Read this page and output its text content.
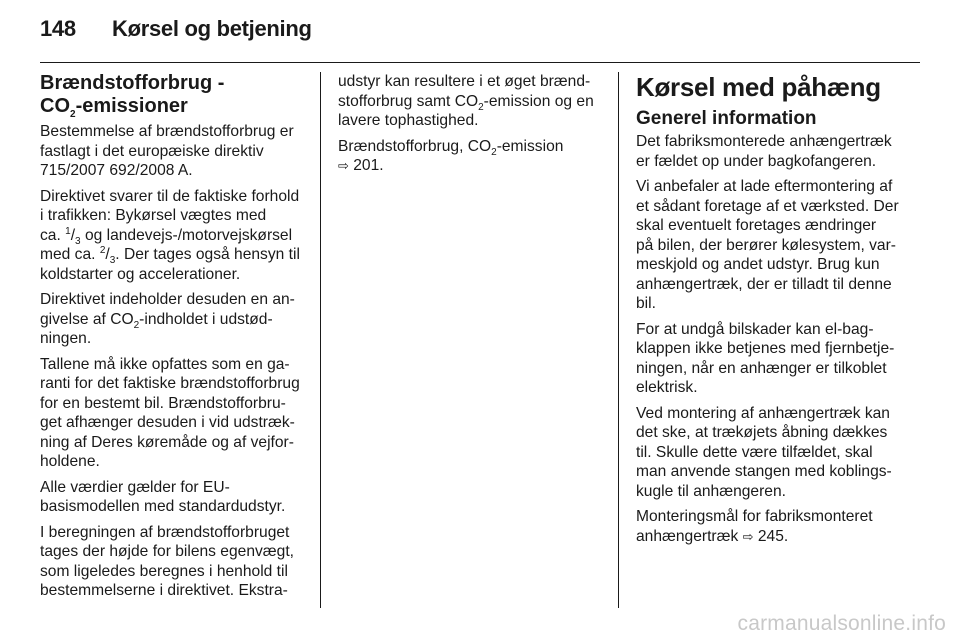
148	Kørsel og betjening
Brændstofforbrug -
$CO_2$-emissioner

Bestemmelse af brændstofforbrug er
fastlagt i det europæiske direktiv
715/2007 692/2008 A.

Direktivet svarer til de faktiske forhold
i trafikken: Bykørsel vægtes med
ca. $^1/_3$ og landevejs-/motorvejskørsel
med ca. $^2/_3$. Der tages også hensyn til
koldstarter og accelerationer.

Direktivet indeholder desuden en an-
givelse af $CO_2$-indholdet i udstød-
ningen.

Tallene må ikke opfattes som en ga-
ranti for det faktiske brændstofforbrug
for en bestemt bil. Brændstofforbru-
get afhænger desuden i vid udstræk-
ning af Deres køremåde og af vejfor-
holdene.

Alle værdier gælder for EU-
basismodellen med standardudstyr.

I beregningen af brændstofforbruget
tages der højde for bilens egenvægt,
som ligeledes beregnes i henhold til
bestemmelserne i direktivet. Ekstra-

udstyr kan resultere i et øget brænd-
stofforbrug samt $CO_2$-emission og en
lavere tophastighed.

Brændstofforbrug, $CO_2$-emission
⇨ 201.

Kørsel med påhæng
Generel information

Det fabriksmonterede anhængertræk
er fældet op under bagkofangeren.

Vi anbefaler at lade eftermontering af
et sådant foretage af et værksted. Der
skal eventuelt foretages ændringer
på bilen, der berører kølesystem, var-
meskjold og andet udstyr. Brug kun
anhængertræk, der er tilladt til denne
bil.

For at undgå bilskader kan el-bag-
klappen ikke betjenes med fjernbetje-
ningen, når en anhænger er tilkoblet
elektrisk.

Ved montering af anhængertræk kan
det ske, at trækøjets åbning dækkes
til. Skulle dette være tilfældet, skal
man anvende stangen med koblings-
kugle til anhængeren.

Monteringsmål for fabriksmonteret
anhængertræk ⇨ 245.

carmanualsonline.info
